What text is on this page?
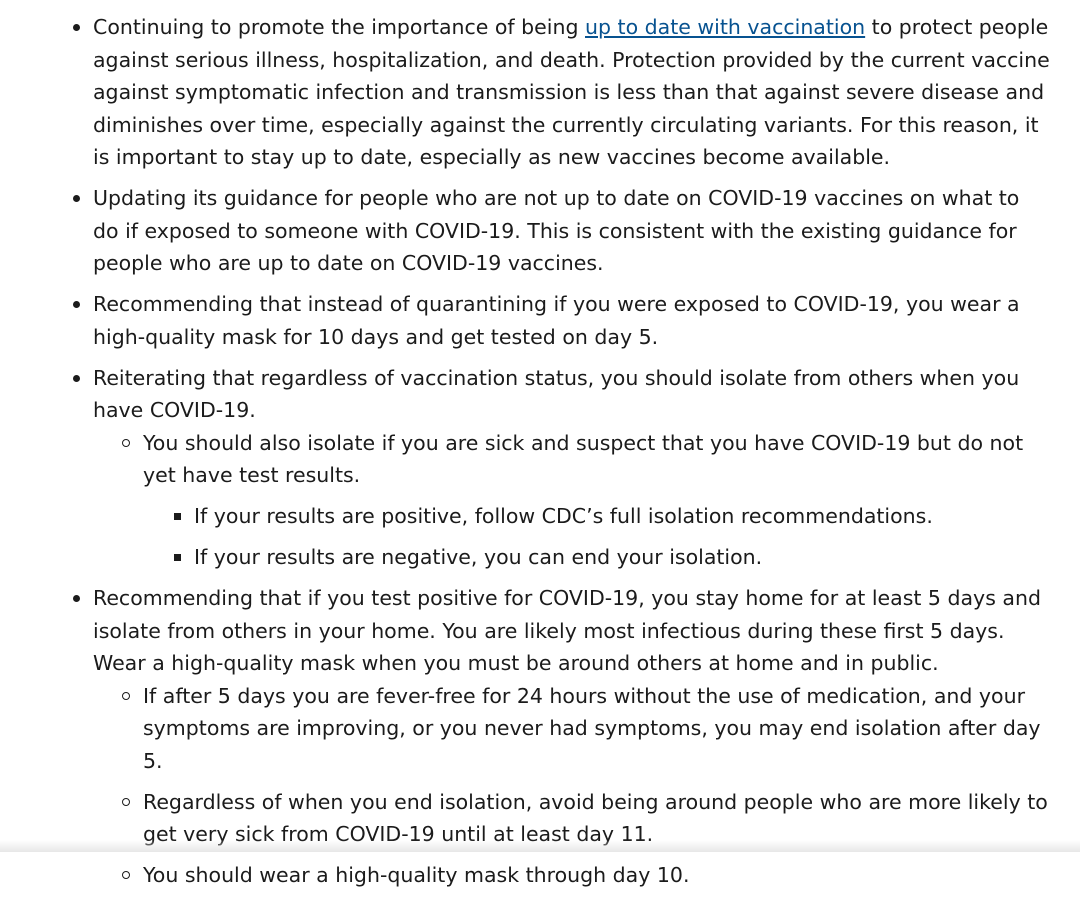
Continuing to promote the importance of being up to date with vaccination to protect people against serious illness, hospitalization, and death. Protection provided by the current vaccine against symptomatic infection and transmission is less than that against severe disease and diminishes over time, especially against the currently circulating variants. For this reason, it is important to stay up to date, especially as new vaccines become available.
Updating its guidance for people who are not up to date on COVID-19 vaccines on what to do if exposed to someone with COVID-19. This is consistent with the existing guidance for people who are up to date on COVID-19 vaccines.
Recommending that instead of quarantining if you were exposed to COVID-19, you wear a high-quality mask for 10 days and get tested on day 5.
Reiterating that regardless of vaccination status, you should isolate from others when you have COVID-19.
You should also isolate if you are sick and suspect that you have COVID-19 but do not yet have test results.
If your results are positive, follow CDC’s full isolation recommendations.
If your results are negative, you can end your isolation.
Recommending that if you test positive for COVID-19, you stay home for at least 5 days and isolate from others in your home. You are likely most infectious during these first 5 days. Wear a high-quality mask when you must be around others at home and in public.
If after 5 days you are fever-free for 24 hours without the use of medication, and your symptoms are improving, or you never had symptoms, you may end isolation after day 5.
Regardless of when you end isolation, avoid being around people who are more likely to get very sick from COVID-19 until at least day 11.
You should wear a high-quality mask through day 10.
